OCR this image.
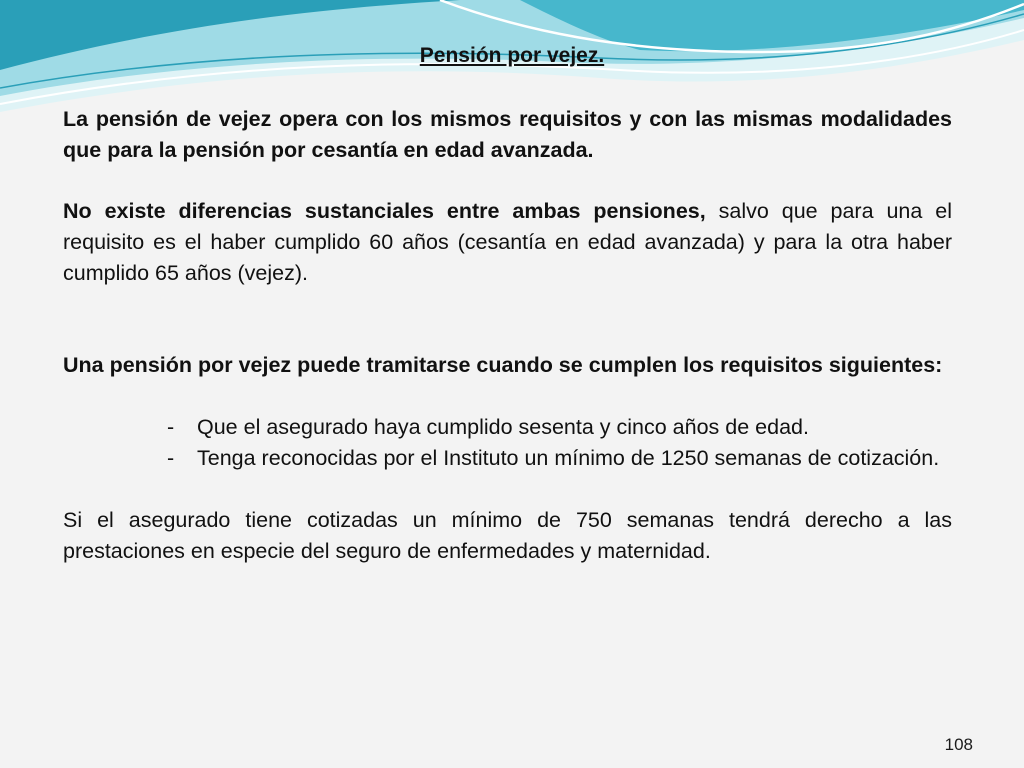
Pensión por vejez.

La pensión de vejez opera con los mismos requisitos y con las mismas modalidades que para la pensión por cesantía en edad avanzada.

No existe diferencias sustanciales entre ambas pensiones, salvo que para una el requisito es el haber cumplido 60 años (cesantía en edad avanzada) y para la otra haber cumplido 65 años (vejez).

Una pensión por vejez puede tramitarse cuando se cumplen los requisitos siguientes:

- Que el asegurado haya cumplido sesenta y cinco años de edad.
- Tenga reconocidas por el Instituto un mínimo de 1250 semanas de cotización.

Si el asegurado tiene cotizadas un mínimo de 750 semanas tendrá derecho a las prestaciones en especie del seguro de enfermedades y maternidad.

108
